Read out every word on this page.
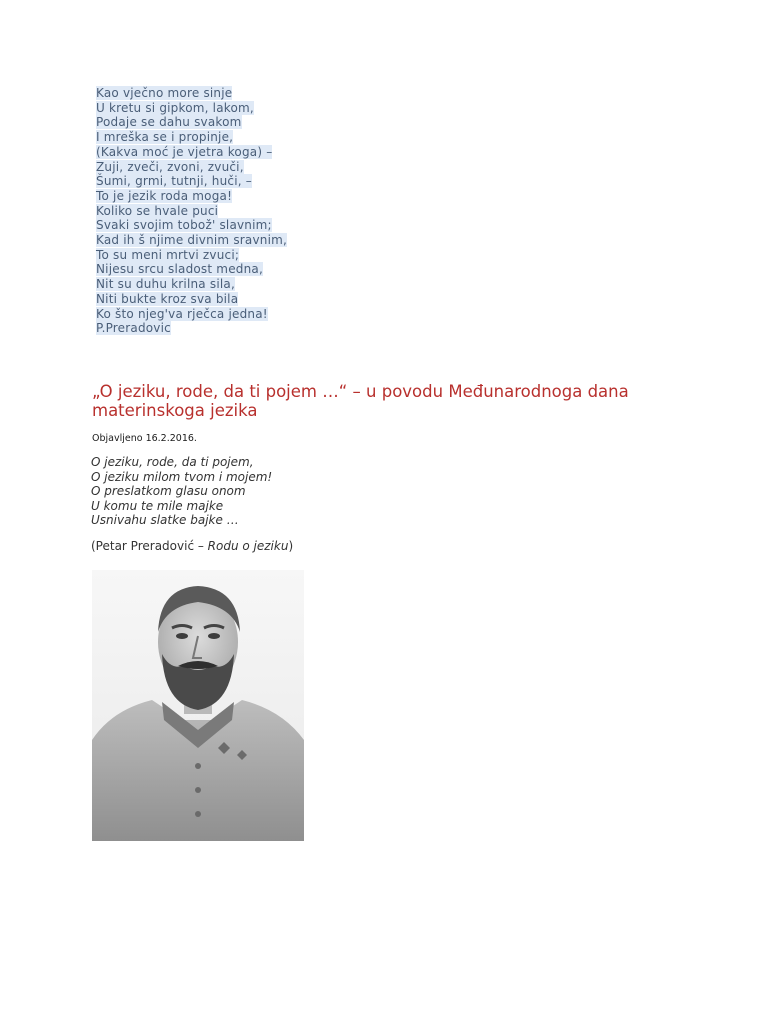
Kao vječno more sinje
U kretu si gipkom, lakom,
Podaje se dahu svakom
I mreška se i propinje,
(Kakva moć je vjetra koga) –
Zuji, zveči, zvoni, zvuči,
Šumi, grmi, tutnji, huči, –
To je jezik roda moga!
Koliko se hvale puci
Svaki svojim tobož' slavnim;
Kad ih š njime divnim sravnim,
To su meni mrtvi zvuci;
Nijesu srcu sladost medna,
Nit su duhu krilna sila,
Niti bukte kroz sva bila
Ko što njeg'va rječca jedna!
P.Preradovic
„O jeziku, rode, da ti pojem …“ – u povodu Međunarodnoga dana materinskoga jezika
Objavljeno 16.2.2016.
O jeziku, rode, da ti pojem,
O jeziku milom tvom i mojem!
O preslatkom glasu onom
U komu te mile majke
Usnivahu slatke bajke …
(Petar Preradović – Rodu o jeziku)
